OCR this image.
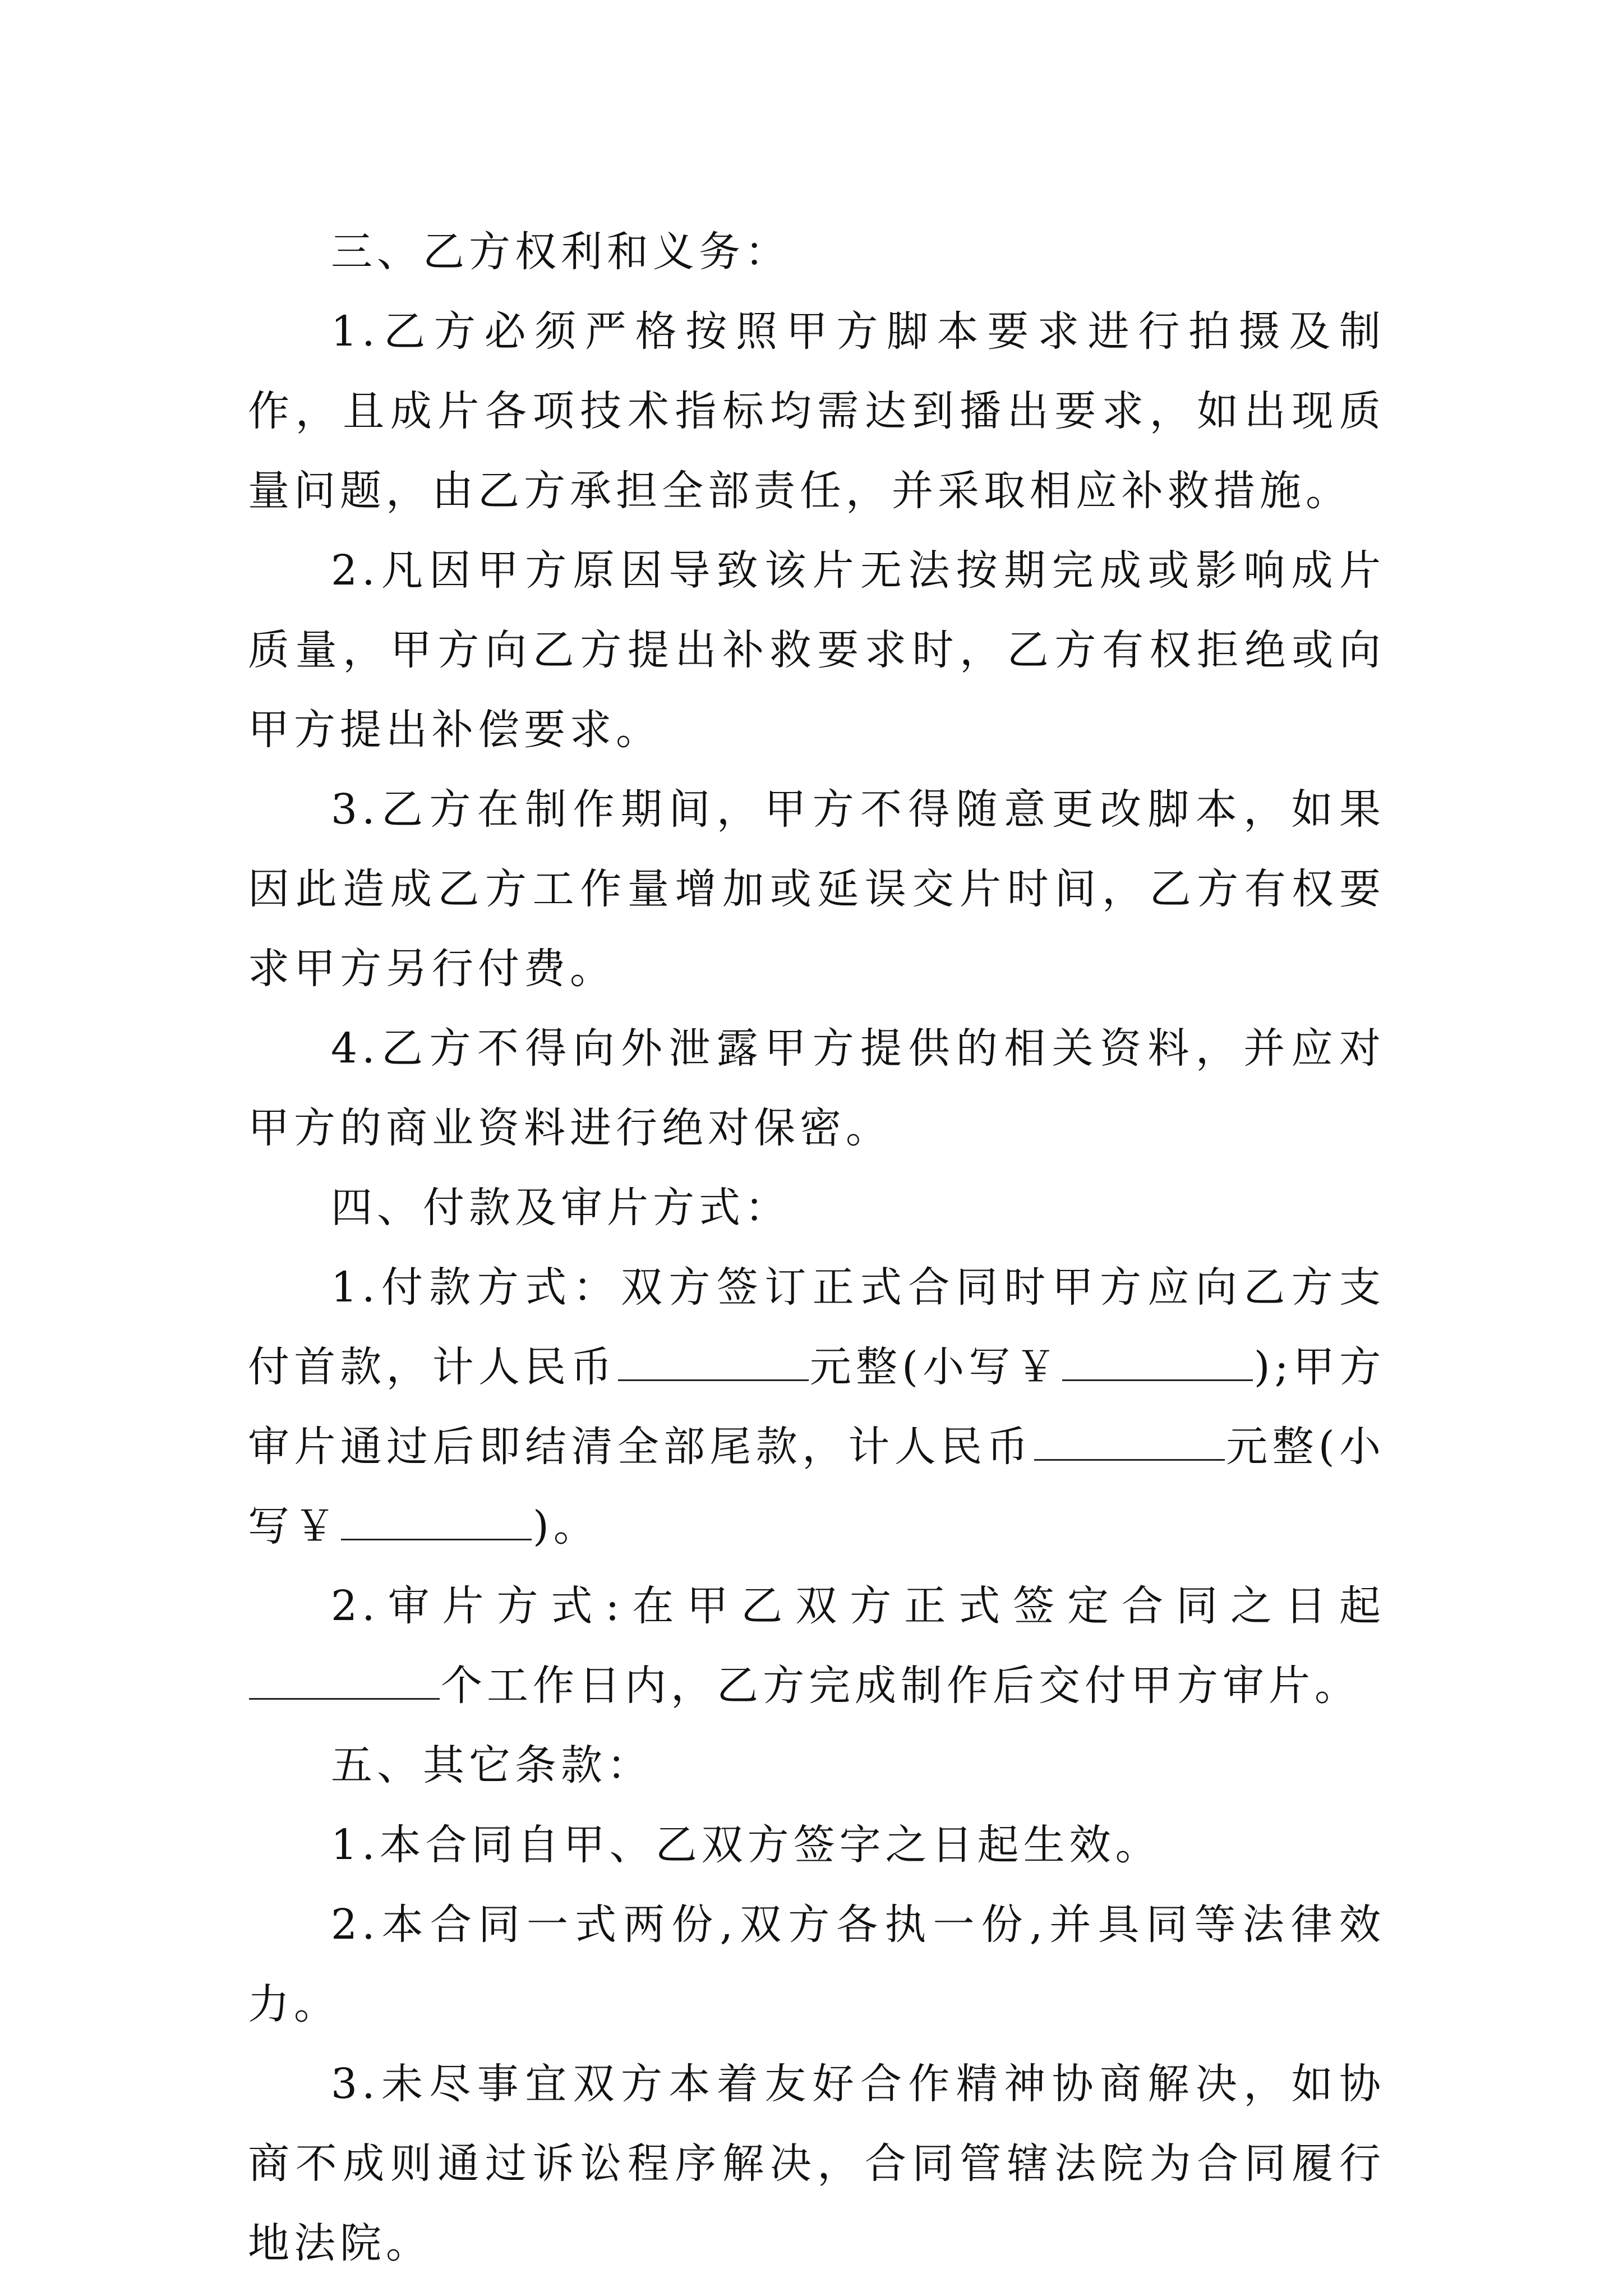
三、乙方权利和义务：

1.乙方必须严格按照甲方脚本要求进行拍摄及制作，且成片各项技术指标均需达到播出要求，如出现质量问题，由乙方承担全部责任，并采取相应补救措施。

2.凡因甲方原因导致该片无法按期完成或影响成片质量，甲方向乙方提出补救要求时，乙方有权拒绝或向甲方提出补偿要求。

3.乙方在制作期间，甲方不得随意更改脚本，如果因此造成乙方工作量增加或延误交片时间，乙方有权要求甲方另行付费。

4.乙方不得向外泄露甲方提供的相关资料，并应对甲方的商业资料进行绝对保密。

四、付款及审片方式：

1.付款方式：双方签订正式合同时甲方应向乙方支付首款，计人民币	元整(小写￥	);甲方审片通过后即结清全部尾款，计人民币	元整(小写￥	)。

2.审片方式:在甲乙双方正式签定合同之日起个工作日内，乙方完成制作后交付甲方审片。

五、其它条款：

1.本合同自甲、乙双方签字之日起生效。

2.本合同一式两份,双方各执一份,并具同等法律效力。

3.未尽事宜双方本着友好合作精神协商解决，如协商不成则通过诉讼程序解决，合同管辖法院为合同履行地法院。
